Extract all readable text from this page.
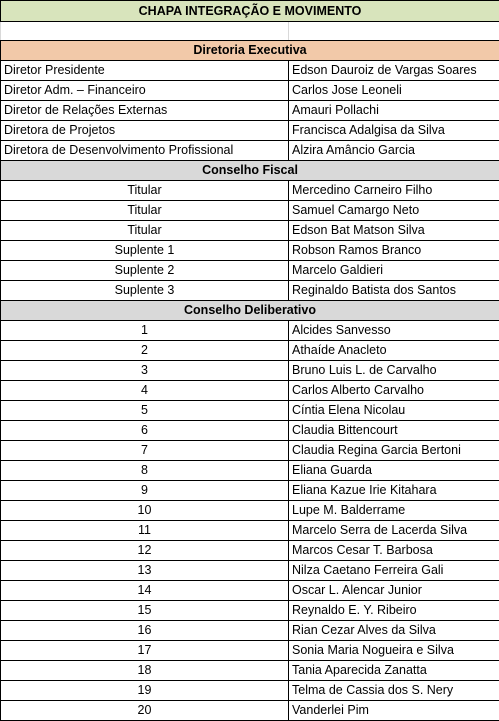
CHAPA INTEGRAÇÃO E MOVIMENTO	

Diretoria Executiva	
Diretor Presidente	Edson Dauroiz de Vargas Soares
Diretor Adm. – Financeiro	Carlos Jose Leoneli
Diretor de Relações Externas	Amauri Pollachi
Diretora de Projetos	Francisca Adalgisa da Silva
Diretora de Desenvolvimento Profissional	Alzira Amâncio Garcia
Conselho Fiscal	
Titular	Mercedino Carneiro Filho
Titular	Samuel Camargo Neto
Titular	Edson Bat Matson Silva
Suplente 1	Robson Ramos Branco
Suplente 2	Marcelo Galdieri
Suplente 3	Reginaldo Batista dos Santos
Conselho Deliberativo	
1	Alcides Sanvesso
2	Athaíde Anacleto
3	Bruno Luis L. de Carvalho
4	Carlos Alberto Carvalho
5	Cíntia Elena Nicolau
6	Claudia Bittencourt
7	Claudia Regina Garcia Bertoni
8	Eliana Guarda
9	Eliana Kazue Irie Kitahara
10	Lupe M. Balderrame
11	Marcelo Serra de Lacerda Silva
12	Marcos Cesar T. Barbosa
13	Nilza Caetano Ferreira Gali
14	Oscar L. Alencar Junior
15	Reynaldo E. Y. Ribeiro
16	Rian Cezar Alves da Silva
17	Sonia Maria Nogueira e Silva
18	Tania Aparecida Zanatta
19	Telma de Cassia dos S. Nery
20	Vanderlei Pim
